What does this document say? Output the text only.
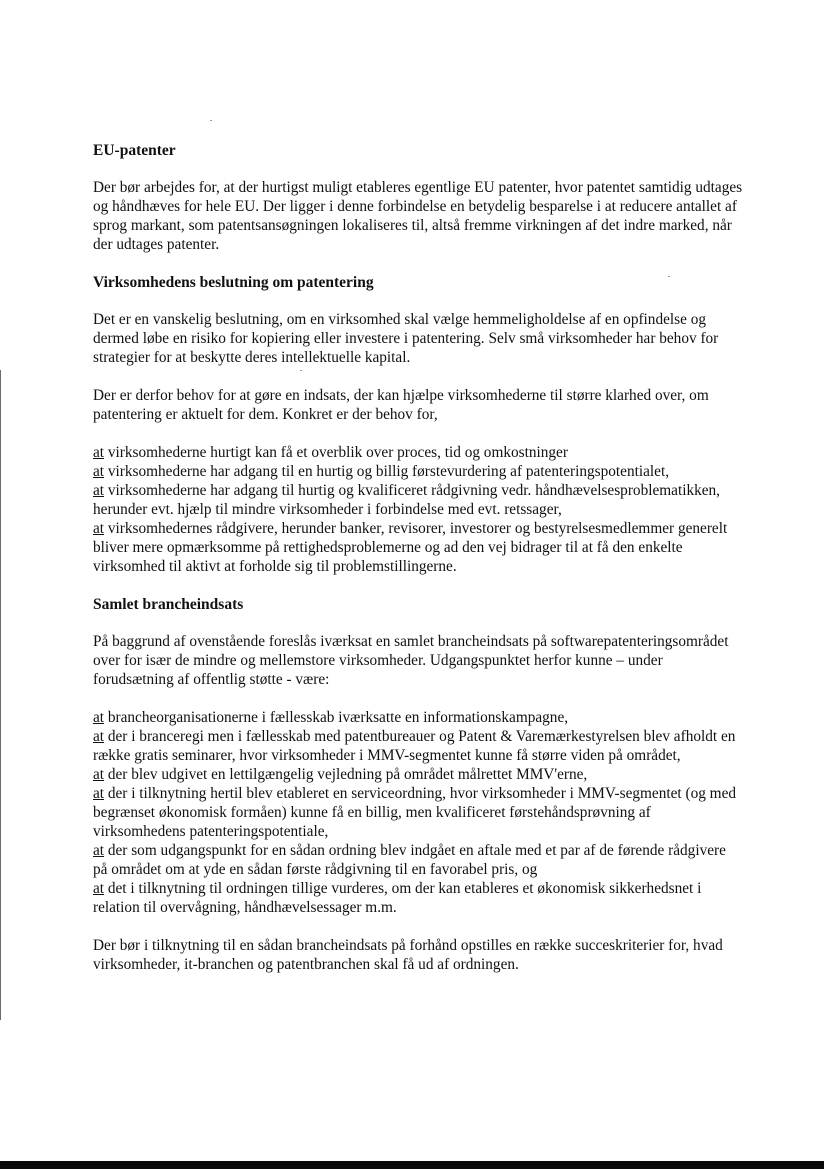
EU-patenter

Der bør arbejdes for, at der hurtigst muligt etableres egentlige EU patenter, hvor patentet samtidig udtages og håndhæves for hele EU. Der ligger i denne forbindelse en betydelig besparelse i at reducere antallet af sprog markant, som patentsansøgningen lokaliseres til, altså fremme virkningen af det indre marked, når der udtages patenter.

Virksomhedens beslutning om patentering

Det er en vanskelig beslutning, om en virksomhed skal vælge hemmeligholdelse af en opfindelse og dermed løbe en risiko for kopiering eller investere i patentering. Selv små virksomheder har behov for strategier for at beskytte deres intellektuelle kapital.

Der er derfor behov for at gøre en indsats, der kan hjælpe virksomhederne til større klarhed over, om patentering er aktuelt for dem. Konkret er der behov for,

at virksomhederne hurtigt kan få et overblik over proces, tid og omkostninger

at virksomhederne har adgang til en hurtig og billig førstevurdering af patenteringspotentialet,

at virksomhederne har adgang til hurtig og kvalificeret rådgivning vedr. håndhævelsesproblematikken, herunder evt. hjælp til mindre virksomheder i forbindelse med evt. retssager,

at virksomhedernes rådgivere, herunder banker, revisorer, investorer og bestyrelsesmedlemmer generelt bliver mere opmærksomme på rettighedsproblemerne og ad den vej bidrager til at få den enkelte virksomhed til aktivt at forholde sig til problemstillingerne.

Samlet brancheindsats

På baggrund af ovenstående foreslås iværksat en samlet brancheindsats på softwarepatenteringsområdet over for især de mindre og mellemstore virksomheder. Udgangspunktet herfor kunne – under forudsætning af offentlig støtte - være:

at brancheorganisationerne i fællesskab iværksatte en informationskampagne,

at der i branceregi men i fællesskab med patentbureauer og Patent & Varemærkestyrelsen blev afholdt en række gratis seminarer, hvor virksomheder i MMV-segmentet kunne få større viden på området,

at der blev udgivet en lettilgængelig vejledning på området målrettet MMV'erne,

at der i tilknytning hertil blev etableret en serviceordning, hvor virksomheder i MMV-segmentet (og med begrænset økonomisk formåen) kunne få en billig, men kvalificeret førstehåndsprøvning af virksomhedens patenteringspotentiale,

at der som udgangspunkt for en sådan ordning blev indgået en aftale med et par af de førende rådgivere på området om at yde en sådan første rådgivning til en favorabel pris, og

at det i tilknytning til ordningen tillige vurderes, om der kan etableres et økonomisk sikkerhedsnet i relation til overvågning, håndhævelsessager m.m.

Der bør i tilknytning til en sådan brancheindsats på forhånd opstilles en række succeskriterier for, hvad virksomheder, it-branchen og patentbranchen skal få ud af ordningen.
